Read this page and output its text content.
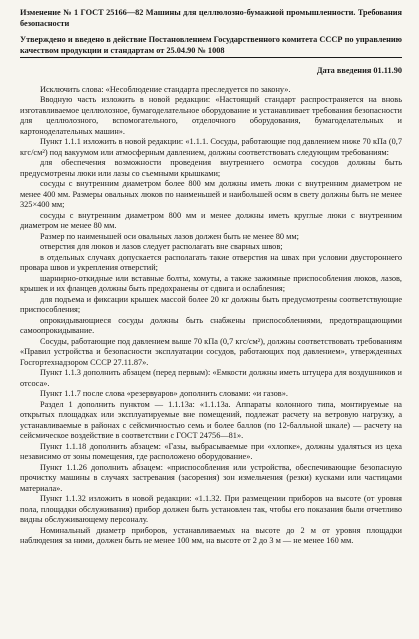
Изменение № 1 ГОСТ 25166—82 Машины для целлюлозно-бумажной промышленности. Требования безопасности

Утверждено и введено в действие Постановлением Государственного комитета СССР по управлению качеством продукции и стандартам от 25.04.90 № 1008

Дата введения 01.11.90

Исключить слова: «Несоблюдение стандарта преследуется по закону».

Вводную часть изложить в новой редакции: «Настоящий стандарт распространяется на вновь изготавливаемое целлюлозное, бумагоделательное оборудование и устанавливает требования безопасности для целлюлозного, вспомогательного, отделочного оборудования, бумагоделательных и картоноделательных машин».

Пункт 1.1.1 изложить в новой редакции: «1.1.1. Сосуды, работающие под давлением ниже 70 кПа (0,7 кгс/см²) под вакуумом или атмосферным давлением, должны соответствовать следующим требованиям:

для обеспечения возможности проведения внутреннего осмотра сосудов должны быть предусмотрены люки или лазы со съемными крышками;

сосуды с внутренним диаметром более 800 мм должны иметь люки с внутренним диаметром не менее 400 мм. Размеры овальных люков по наименьшей и наибольшей осям в свету должны быть не менее 325×400 мм;

сосуды с внутренним диаметром 800 мм и менее должны иметь круглые люки с внутренним диаметром не менее 80 мм.

Размер по наименьшей оси овальных лазов должен быть не менее 80 мм;

отверстия для люков и лазов следует располагать вне сварных швов;

в отдельных случаях допускается располагать такие отверстия на швах при условии двустороннего провара швов и укрепления отверстий;

шарнирно-откидные или вставные болты, хомуты, а также зажимные приспособления люков, лазов, крышек и их фланцев должны быть предохранены от сдвига и ослабления;

для подъема и фиксации крышек массой более 20 кг должны быть предусмотрены соответствующие приспособления;

опрокидывающиеся сосуды должны быть снабжены приспособлениями, предотвращающими самоопрокидывание.

Сосуды, работающие под давлением выше 70 кПа (0,7 кгс/см²), должны соответствовать требованиям «Правил устройства и безопасности эксплуатации сосудов, работающих под давлением», утвержденных Госгортехнадзором СССР 27.11.87».

Пункт 1.1.3 дополнить абзацем (перед первым): «Емкости должны иметь штуцера для воздушников и отсоса».

Пункт 1.1.7 после слова «резервуаров» дополнить словами: «и газов».

Раздел 1 дополнить пунктом — 1.1.13а: «1.1.13а. Аппараты колонного типа, монтируемые на открытых площадках или эксплуатируемые вне помещений, подлежат расчету на ветровую нагрузку, а устанавливаемые в районах с сейсмичностью семь и более баллов (по 12-балльной шкале) — расчету на сейсмическое воздействие в соответствии с ГОСТ 24756—81».

Пункт 1.1.18 дополнить абзацем: «Газы, выбрасываемые при «хлопке», должны удаляться из цеха независимо от зоны помещения, где расположено оборудование».

Пункт 1.1.26 дополнить абзацем: «приспособления или устройства, обеспечивающие безопасную прочистку машины в случаях застревания (засорения) зон измельчения (резки) кусками или частицами материала».

Пункт 1.1.32 изложить в новой редакции: «1.1.32. При размещении приборов на высоте (от уровня пола, площадки обслуживания) прибор должен быть установлен так, чтобы его показания были отчетливо видны обслуживающему персоналу.

Номинальный диаметр приборов, устанавливаемых на высоте до 2 м от уровня площадки наблюдения за ними, должен быть не менее 100 мм, на высоте от 2 до 3 м — не менее 160 мм.
